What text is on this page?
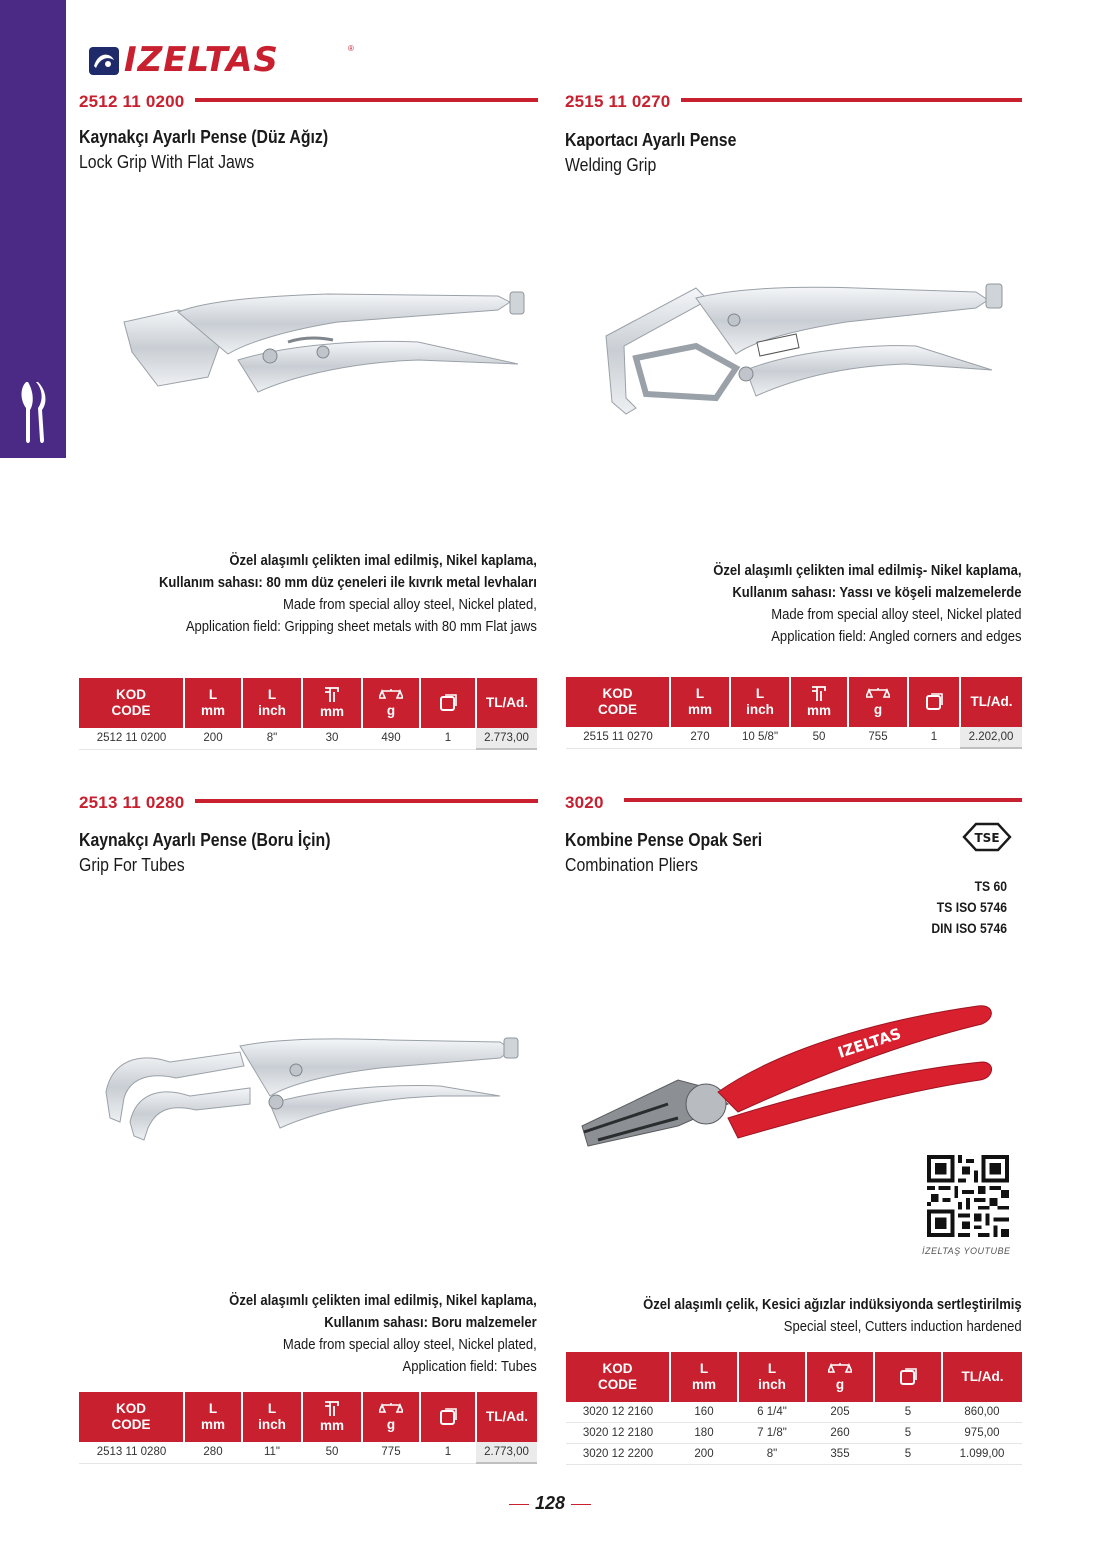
IZELTAS	®
2512 11 0200
Kaynakçı Ayarlı Pense (Düz Ağız)
Lock Grip With Flat Jaws
Özel alaşımlı çelikten imal edilmiş, Nikel kaplama,
Kullanım sahası: 80 mm düz çeneleri ile kıvrık metal levhaları
Made from special alloy steel, Nickel plated,
Application field: Gripping sheet metals with 80 mm Flat jaws
KOD
CODE	L
mm	L
inch	mm	g		TL/Ad.
2512 11 0200	200	8"	30	490	1	2.773,00
2515 11 0270
Kaportacı Ayarlı Pense
Welding Grip
Özel alaşımlı çelikten imal edilmiş- Nikel kaplama,
Kullanım sahası: Yassı ve köşeli malzemelerde
Made from special alloy steel, Nickel plated
Application field: Angled corners and edges
KOD
CODE	L
mm	L
inch	mm	g		TL/Ad.
2515 11 0270	270	10 5/8"	50	755	1	2.202,00
2513 11 0280
Kaynakçı Ayarlı Pense (Boru İçin)
Grip For Tubes
Özel alaşımlı çelikten imal edilmiş, Nikel kaplama,
Kullanım sahası: Boru malzemeler
Made from special alloy steel, Nickel plated,
Application field: Tubes
KOD
CODE	L
mm	L
inch	mm	g		TL/Ad.
2513 11 0280	280	11"	50	775	1	2.773,00
3020
Kombine Pense Opak Seri
Combination Pliers
TSE
TS 60
TS ISO 5746
DIN ISO 5746
IZELTAS
İZELTAŞ YOUTUBE
Özel alaşımlı çelik, Kesici ağızlar indüksiyonda sertleştirilmiş
Special steel, Cutters induction hardened
KOD
CODE	L
mm	L
inch	g		TL/Ad.
3020 12 2160	160	6 1/4"	205	5	860,00
3020 12 2180	180	7 1/8"	260	5	975,00
3020 12 2200	200	8"	355	5	1.099,00
128
